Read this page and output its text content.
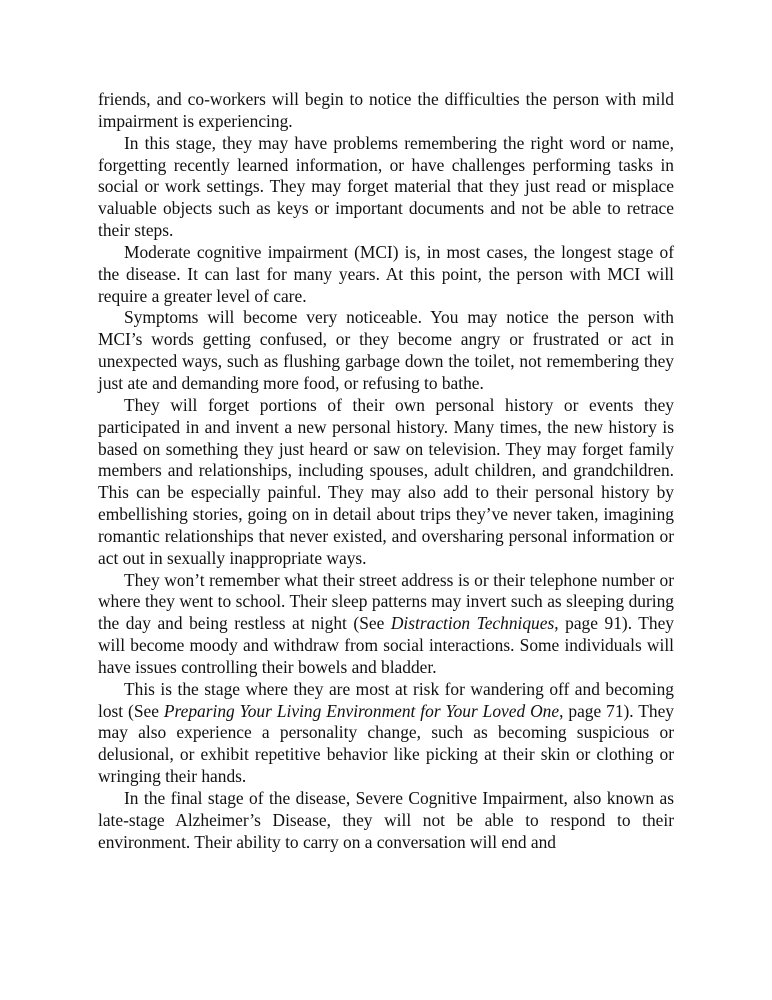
friends, and co-workers will begin to notice the difficulties the person with mild impairment is experiencing.

In this stage, they may have problems remembering the right word or name, forgetting recently learned information, or have challenges performing tasks in social or work settings. They may forget material that they just read or misplace valuable objects such as keys or important documents and not be able to retrace their steps.

Moderate cognitive impairment (MCI) is, in most cases, the longest stage of the disease. It can last for many years. At this point, the person with MCI will require a greater level of care.

Symptoms will become very noticeable. You may notice the person with MCI’s words getting confused, or they become angry or frustrated or act in unexpected ways, such as flushing garbage down the toilet, not remembering they just ate and demanding more food, or refusing to bathe.

They will forget portions of their own personal history or events they participated in and invent a new personal history. Many times, the new history is based on something they just heard or saw on television. They may forget family members and relationships, including spouses, adult children, and grandchildren. This can be especially painful. They may also add to their personal history by embellishing stories, going on in detail about trips they’ve never taken, imagining romantic relationships that never existed, and oversharing personal information or act out in sexually inappropriate ways.

They won’t remember what their street address is or their telephone number or where they went to school. Their sleep patterns may invert such as sleeping during the day and being restless at night (See Distraction Techniques, page 91). They will become moody and withdraw from social interactions. Some individuals will have issues controlling their bowels and bladder.

This is the stage where they are most at risk for wandering off and becoming lost (See Preparing Your Living Environment for Your Loved One, page 71). They may also experience a personality change, such as becoming suspicious or delusional, or exhibit repetitive behavior like picking at their skin or clothing or wringing their hands.

In the final stage of the disease, Severe Cognitive Impairment, also known as late-stage Alzheimer’s Disease, they will not be able to respond to their environment. Their ability to carry on a conversation will end and
